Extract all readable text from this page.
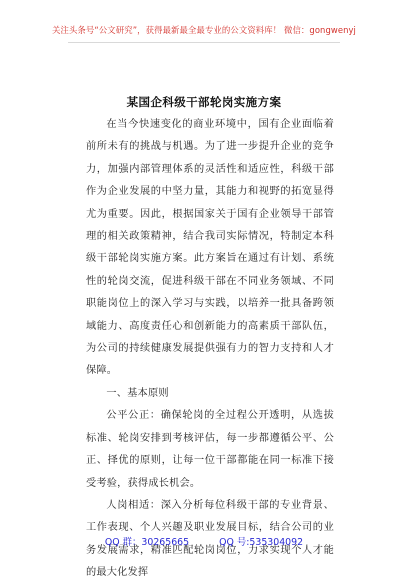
关注头条号“公文研究”，获得最新最全最专业的公文资料库！ 微信：gongwenyj
某国企科级干部轮岗实施方案

在当今快速变化的商业环境中，国有企业面临着前所未有的挑战与机遇。为了进一步提升企业的竞争力，加强内部管理体系的灵活性和适应性，科级干部作为企业发展的中坚力量，其能力和视野的拓宽显得尤为重要。因此，根据国家关于国有企业领导干部管理的相关政策精神，结合我司实际情况，特制定本科级干部轮岗实施方案。此方案旨在通过有计划、系统性的轮岗交流，促进科级干部在不同业务领域、不同职能岗位上的深入学习与实践，以培养一批具备跨领域能力、高度责任心和创新能力的高素质干部队伍，为公司的持续健康发展提供强有力的智力支持和人才保障。

一、基本原则

公平公正：确保轮岗的全过程公开透明，从选拔标准、轮岗安排到考核评估，每一步都遵循公平、公正、择优的原则，让每一位干部都能在同一标准下接受考验，获得成长机会。

人岗相适：深入分析每位科级干部的专业背景、工作表现、个人兴趣及职业发展目标，结合公司的业务发展需求，精准匹配轮岗岗位，力求实现个人才能的最大化发挥

QQ 群：30265665	QQ 号:535304092
